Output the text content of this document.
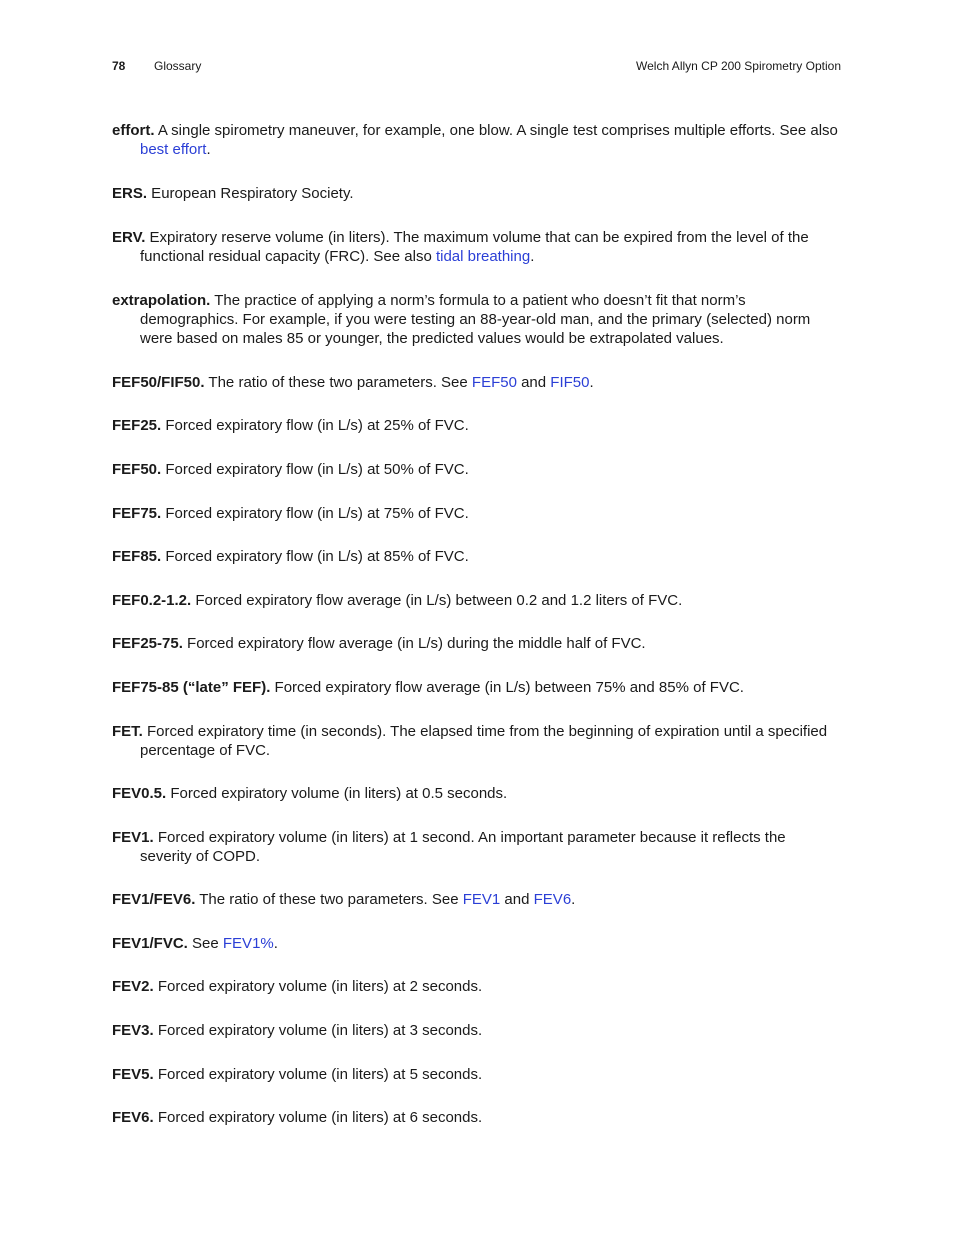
78 Glossary	Welch Allyn CP 200 Spirometry Option

effort. A single spirometry maneuver, for example, one blow. A single test comprises multiple efforts. See also best effort.

ERS. European Respiratory Society.

ERV. Expiratory reserve volume (in liters). The maximum volume that can be expired from the level of the functional residual capacity (FRC). See also tidal breathing.

extrapolation. The practice of applying a norm’s formula to a patient who doesn’t fit that norm’s demographics. For example, if you were testing an 88-year-old man, and the primary (selected) norm were based on males 85 or younger, the predicted values would be extrapolated values.

FEF50/FIF50. The ratio of these two parameters. See FEF50 and FIF50.

FEF25. Forced expiratory flow (in L/s) at 25% of FVC.

FEF50. Forced expiratory flow (in L/s) at 50% of FVC.

FEF75. Forced expiratory flow (in L/s) at 75% of FVC.

FEF85. Forced expiratory flow (in L/s) at 85% of FVC.

FEF0.2-1.2. Forced expiratory flow average (in L/s) between 0.2 and 1.2 liters of FVC.

FEF25-75. Forced expiratory flow average (in L/s) during the middle half of FVC.

FEF75-85 (“late” FEF). Forced expiratory flow average (in L/s) between 75% and 85% of FVC.

FET. Forced expiratory time (in seconds). The elapsed time from the beginning of expiration until a specified percentage of FVC.

FEV0.5. Forced expiratory volume (in liters) at 0.5 seconds.

FEV1. Forced expiratory volume (in liters) at 1 second. An important parameter because it reflects the severity of COPD.

FEV1/FEV6. The ratio of these two parameters. See FEV1 and FEV6.

FEV1/FVC. See FEV1%.

FEV2. Forced expiratory volume (in liters) at 2 seconds.

FEV3. Forced expiratory volume (in liters) at 3 seconds.

FEV5. Forced expiratory volume (in liters) at 5 seconds.

FEV6. Forced expiratory volume (in liters) at 6 seconds.
